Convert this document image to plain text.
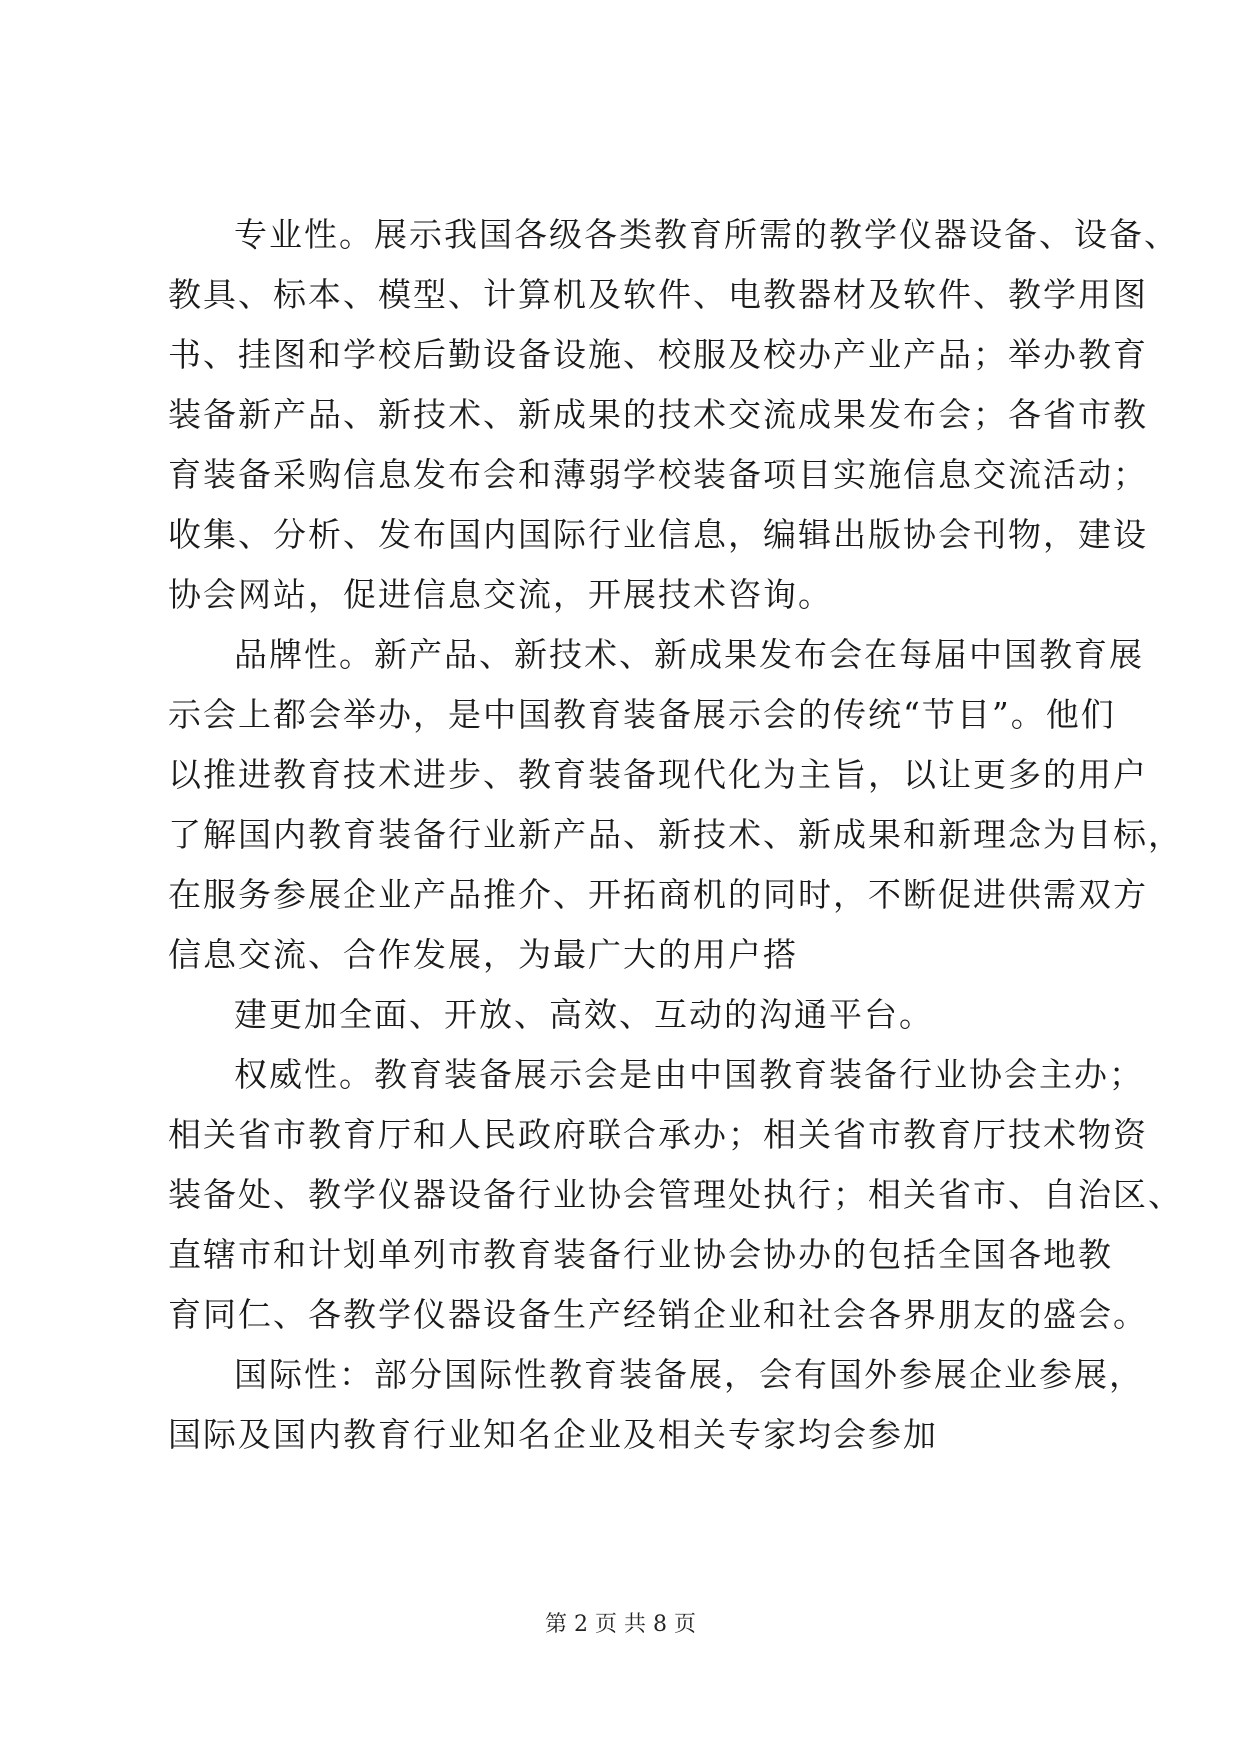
专业性。展示我国各级各类教育所需的教学仪器设备、设备、
教具、标本、模型、计算机及软件、电教器材及软件、教学用图
书、挂图和学校后勤设备设施、校服及校办产业产品；举办教育
装备新产品、新技术、新成果的技术交流成果发布会；各省市教
育装备采购信息发布会和薄弱学校装备项目实施信息交流活动；
收集、分析、发布国内国际行业信息，编辑出版协会刊物，建设
协会网站，促进信息交流，开展技术咨询。
品牌性。新产品、新技术、新成果发布会在每届中国教育展
示会上都会举办，是中国教育装备展示会的传统“节目”。他们
以推进教育技术进步、教育装备现代化为主旨，以让更多的用户
了解国内教育装备行业新产品、新技术、新成果和新理念为目标，
在服务参展企业产品推介、开拓商机的同时，不断促进供需双方
信息交流、合作发展，为最广大的用户搭
建更加全面、开放、高效、互动的沟通平台。
权威性。教育装备展示会是由中国教育装备行业协会主办；
相关省市教育厅和人民政府联合承办；相关省市教育厅技术物资
装备处、教学仪器设备行业协会管理处执行；相关省市、自治区、
直辖市和计划单列市教育装备行业协会协办的包括全国各地教
育同仁、各教学仪器设备生产经销企业和社会各界朋友的盛会。
国际性：部分国际性教育装备展，会有国外参展企业参展，
国际及国内教育行业知名企业及相关专家均会参加
第 2 页 共 8 页
